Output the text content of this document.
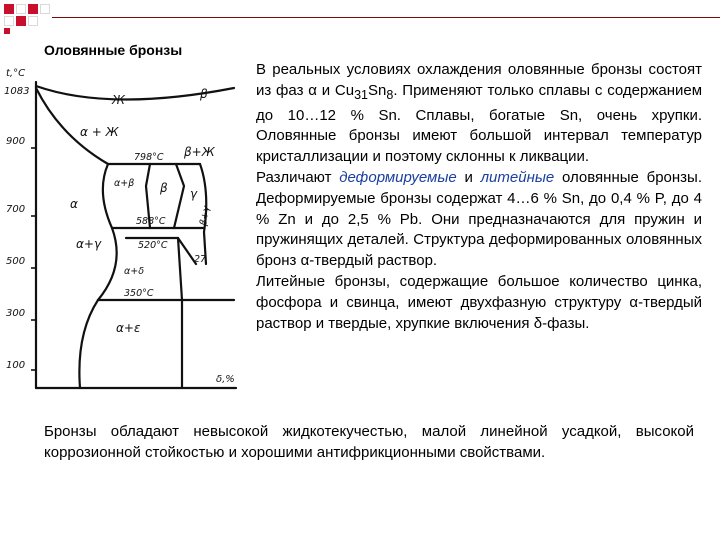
Оловянные бронзы
t,°C
1083
900
700
500
300
100
δ,%
Ж	β
α + Ж
798°C β+Ж
α
α+β β γ
β+γ
588°C
520°C
α+γ
27
α+δ
350°C
α+ε

В реальных условиях охлаждения оловянные бронзы состоят из фаз α и $Cu_{31}Sn_8$. Применяют только сплавы с содержанием до 10…12 % Sn. Сплавы, богатые Sn, очень хрупки. Оловянные бронзы имеют большой интервал температур кристаллизации и поэтому склонны к ликвации.

Различают деформируемые и литейные оловянные бронзы. Деформируемые бронзы содержат 4…6 % Sn, до 0,4 % P, до 4 % Zn и до 2,5 % Pb. Они предназначаются для пружин и пружинящих деталей. Структура деформированных оловянных бронз α-твердый раствор.

Литейные бронзы, содержащие большое количество цинка, фосфора и свинца, имеют двухфазную структуру α-твердый раствор и твердые, хрупкие включения δ-фазы.

Бронзы обладают невысокой жидкотекучестью, малой линейной усадкой, высокой коррозионной стойкостью и хорошими антифрикционными свойствами.
